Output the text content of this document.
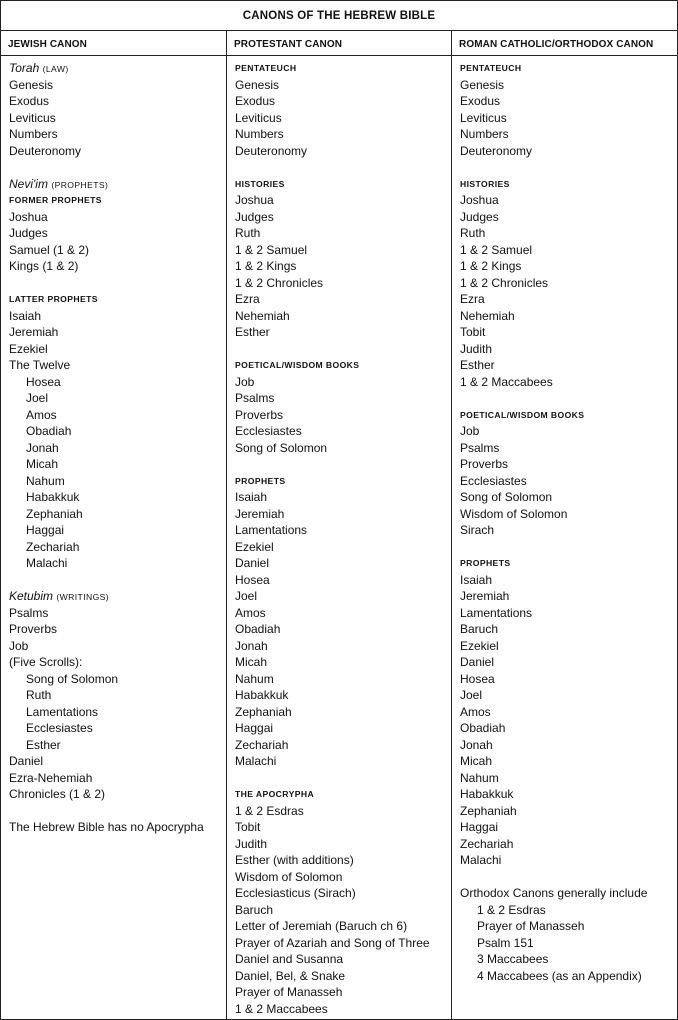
CANONS OF THE HEBREW BIBLE
JEWISH CANON	PROTESTANT CANON	ROMAN CATHOLIC/ORTHODOX CANON
Torah (LAW)
Genesis
Exodus
Leviticus
Numbers
Deuteronomy
Nevi'im (PROPHETS)
FORMER PROPHETS
Joshua
Judges
Samuel (1 & 2)
Kings (1 & 2)
LATTER PROPHETS
Isaiah
Jeremiah
Ezekiel
The Twelve
Hosea
Joel
Amos
Obadiah
Jonah
Micah
Nahum
Habakkuk
Zephaniah
Haggai
Zechariah
Malachi
Ketubim (WRITINGS)
Psalms
Proverbs
Job
(Five Scrolls):
Song of Solomon
Ruth
Lamentations
Ecclesiastes
Esther
Daniel
Ezra-Nehemiah
Chronicles (1 & 2)
The Hebrew Bible has no Apocrypha
PENTATEUCH
Genesis
Exodus
Leviticus
Numbers
Deuteronomy
HISTORIES
Joshua
Judges
Ruth
1 & 2 Samuel
1 & 2 Kings
1 & 2 Chronicles
Ezra
Nehemiah
Esther
POETICAL/WISDOM BOOKS
Job
Psalms
Proverbs
Ecclesiastes
Song of Solomon
PROPHETS
Isaiah
Jeremiah
Lamentations
Ezekiel
Daniel
Hosea
Joel
Amos
Obadiah
Jonah
Micah
Nahum
Habakkuk
Zephaniah
Haggai
Zechariah
Malachi
THE APOCRYPHA
1 & 2 Esdras
Tobit
Judith
Esther (with additions)
Wisdom of Solomon
Ecclesiasticus (Sirach)
Baruch
Letter of Jeremiah (Baruch ch 6)
Prayer of Azariah and Song of Three
Daniel and Susanna
Daniel, Bel, & Snake
Prayer of Manasseh
1 & 2 Maccabees
PENTATEUCH
Genesis
Exodus
Leviticus
Numbers
Deuteronomy
HISTORIES
Joshua
Judges
Ruth
1 & 2 Samuel
1 & 2 Kings
1 & 2 Chronicles
Ezra
Nehemiah
Tobit
Judith
Esther
1 & 2 Maccabees
POETICAL/WISDOM BOOKS
Job
Psalms
Proverbs
Ecclesiastes
Song of Solomon
Wisdom of Solomon
Sirach
PROPHETS
Isaiah
Jeremiah
Lamentations
Baruch
Ezekiel
Daniel
Hosea
Joel
Amos
Obadiah
Jonah
Micah
Nahum
Habakkuk
Zephaniah
Haggai
Zechariah
Malachi
Orthodox Canons generally include
1 & 2 Esdras
Prayer of Manasseh
Psalm 151
3 Maccabees
4 Maccabees (as an Appendix)
